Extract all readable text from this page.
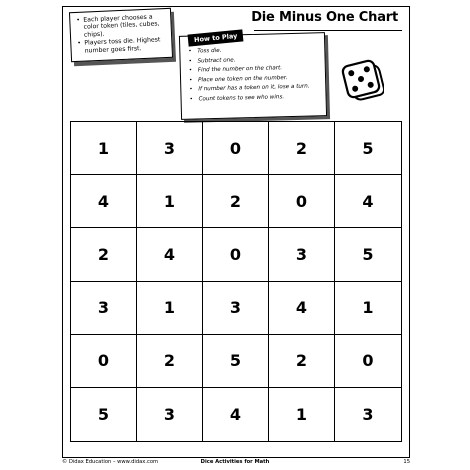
Die Minus One Chart
• Each player chooses a color token (tiles, cubes, chips).
• Players toss die. Highest number goes first.
How to Play
• Toss die.
• Subtract one.
• Find the number on the chart.
• Place one token on the number.
• If number has a token on it, lose a turn.
• Count tokens to see who wins.
1	3	0	2	5
4	1	2	0	4
2	4	0	3	5
3	1	3	4	1
0	2	5	2	0
5	3	4	1	3
© Didax Education – www.didax.com	Dice Activities for Math	15
